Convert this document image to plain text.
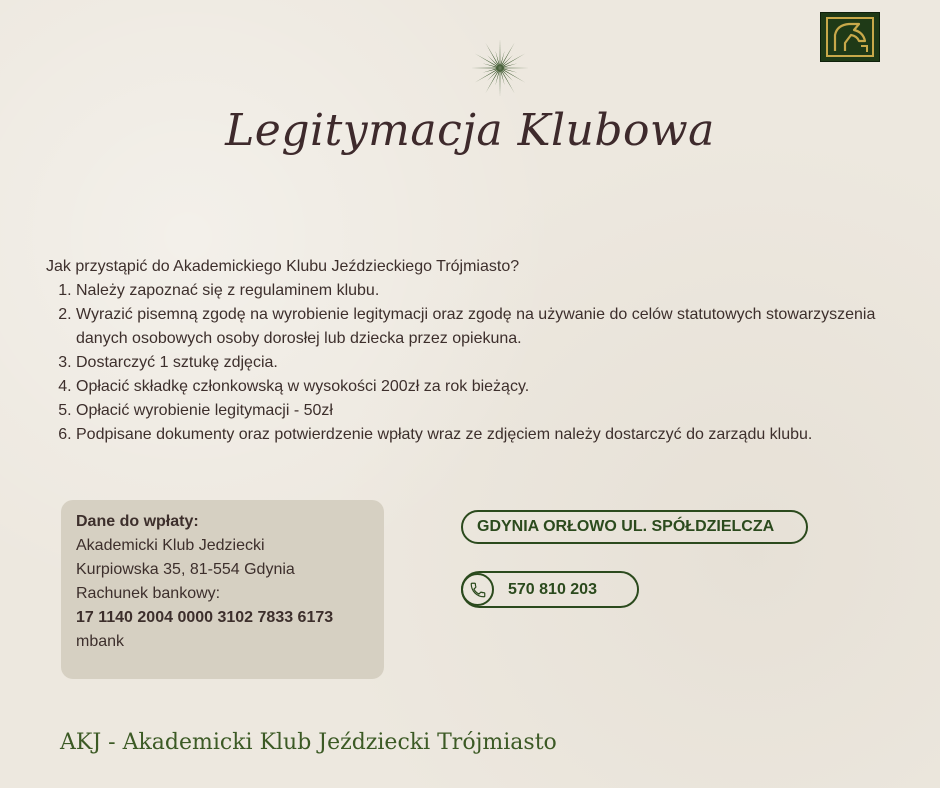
Legitymacja Klubowa

Jak przystąpić do Akademickiego Klubu Jeździeckiego Trójmiasto?

1. Należy zapoznać się z regulaminem klubu.
2. Wyrazić pisemną zgodę na wyrobienie legitymacji oraz zgodę na używanie do celów statutowych stowarzyszenia danych osobowych osoby dorosłej lub dziecka przez opiekuna.
3. Dostarczyć 1 sztukę zdjęcia.
4. Opłacić składkę członkowską w wysokości 200zł za rok bieżący.
5. Opłacić wyrobienie legitymacji - 50zł
6. Podpisane dokumenty oraz potwierdzenie wpłaty wraz ze zdjęciem należy dostarczyć do zarządu klubu.
Dane do wpłaty:
Akademicki Klub Jedziecki
Kurpiowska 35, 81-554 Gdynia
Rachunek bankowy:
17 1140 2004 0000 3102 7833 6173
mbank
GDYNIA ORŁOWO UL. SPÓŁDZIELCZA
570 810 203
AKJ - Akademicki Klub Jeździecki Trójmiasto
